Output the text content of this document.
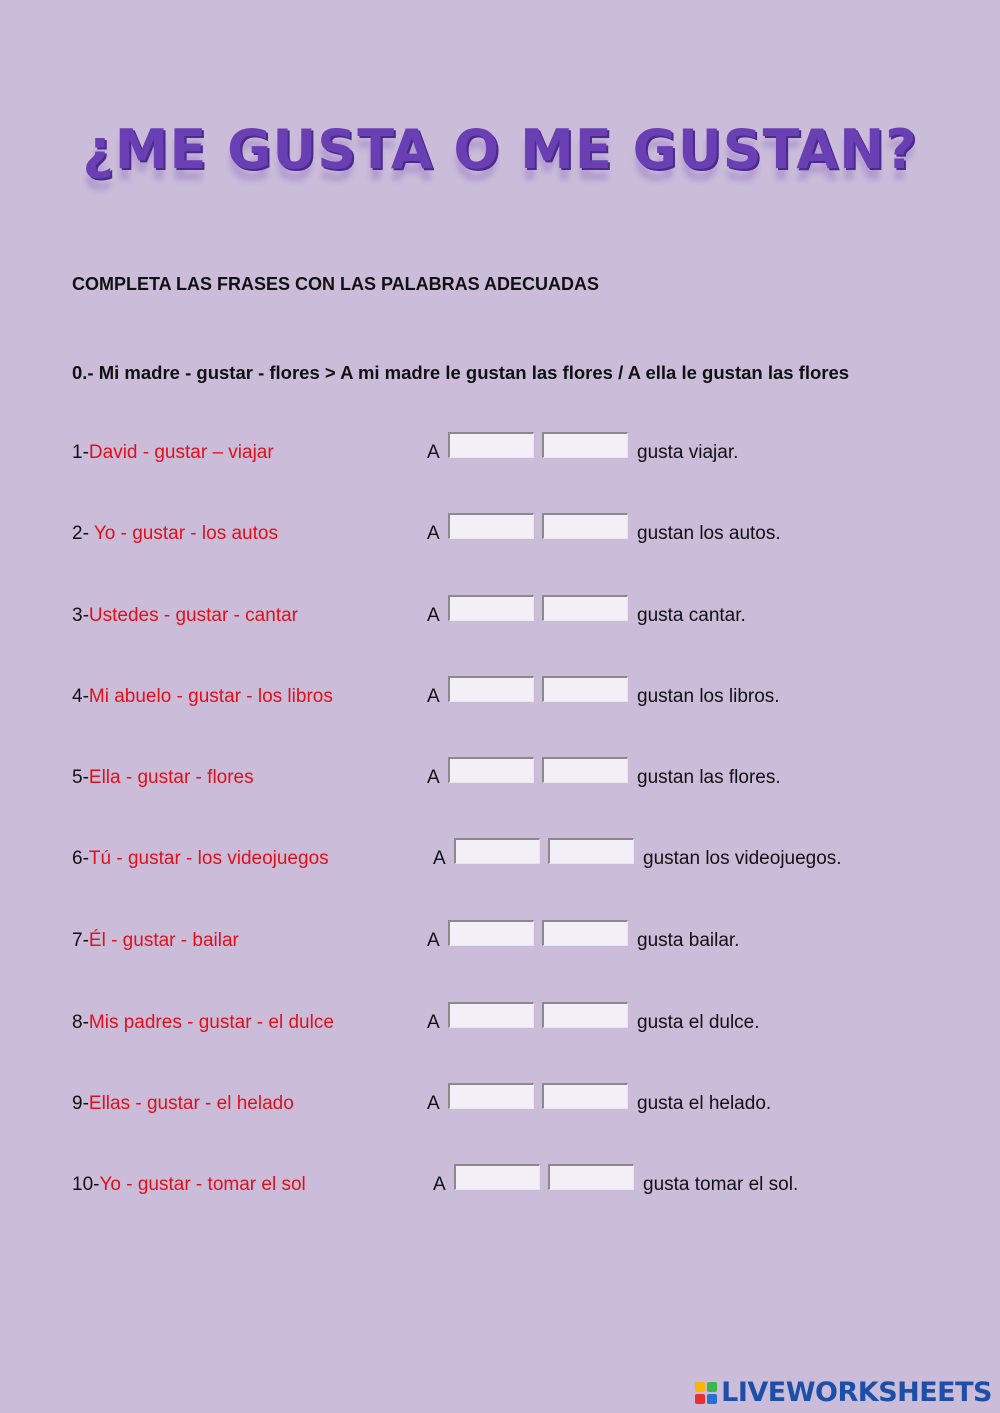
¿ME GUSTA O ME GUSTAN?

COMPLETA LAS FRASES CON LAS PALABRAS ADECUADAS

0.- Mi madre - gustar - flores > A mi madre le gustan las flores / A ella le gustan las flores

1-David - gustar – viajar	A	gusta viajar.
2- Yo - gustar - los autos	A	gustan los autos.
3-Ustedes - gustar - cantar	A	gusta cantar.
4-Mi abuelo - gustar - los libros	A	gustan los libros.
5-Ella - gustar - flores	A	gustan las flores.
6-Tú - gustar - los videojuegos	A	gustan los videojuegos.
7-Él - gustar - bailar	A	gusta bailar.
8-Mis padres - gustar - el dulce	A	gusta el dulce.
9-Ellas - gustar - el helado	A	gusta el helado.
10-Yo - gustar - tomar el sol	A	gusta tomar el sol.
LIVEWORKSHEETS
